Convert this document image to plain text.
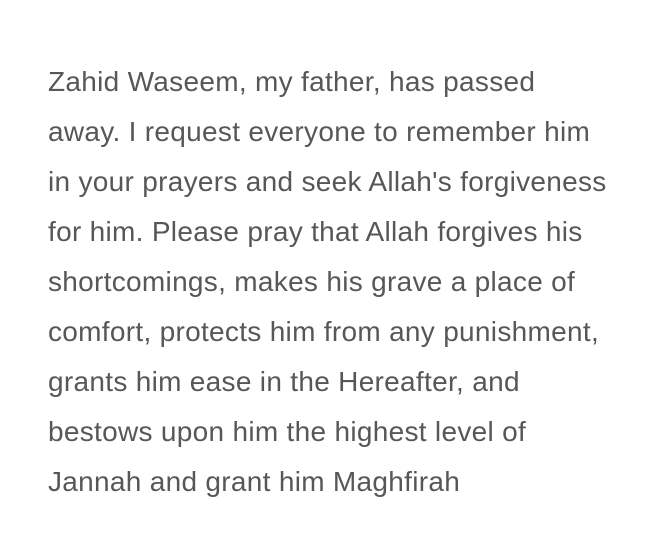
Zahid Waseem, my father, has passed
away. I request everyone to remember him
in your prayers and seek Allah's forgiveness
for him. Please pray that Allah forgives his
shortcomings, makes his grave a place of
comfort, protects him from any punishment,
grants him ease in the Hereafter, and
bestows upon him the highest level of
Jannah and grant him Maghfirah
